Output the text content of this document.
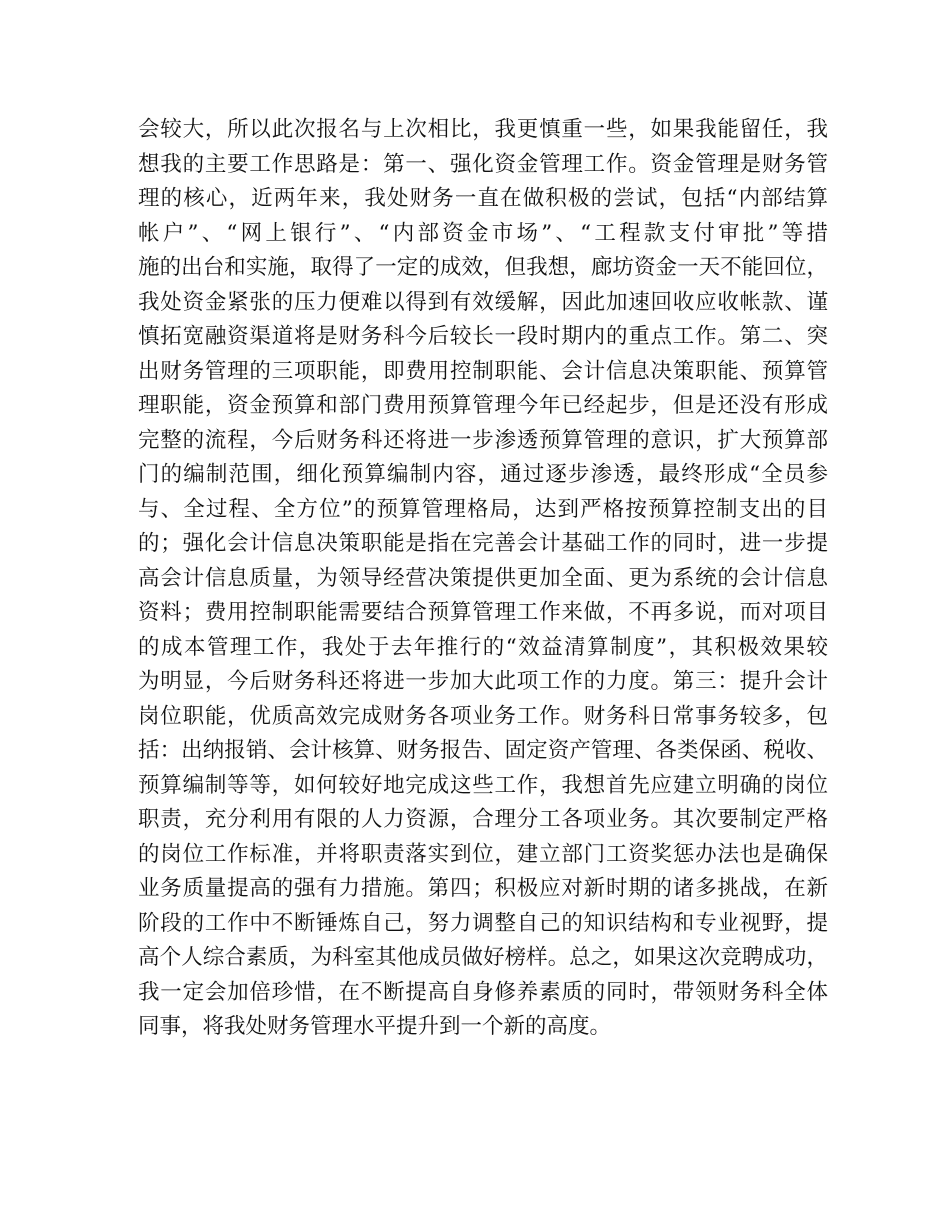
会较大，所以此次报名与上次相比，我更慎重一些，如果我能留任，我
想我的主要工作思路是：第一、强化资金管理工作。资金管理是财务管
理的核心，近两年来，我处财务一直在做积极的尝试，包括“内部结算
帐户”、“网上银行”、“内部资金市场”、“工程款支付审批”等措
施的出台和实施，取得了一定的成效，但我想，廊坊资金一天不能回位，
我处资金紧张的压力便难以得到有效缓解，因此加速回收应收帐款、谨
慎拓宽融资渠道将是财务科今后较长一段时期内的重点工作。第二、突
出财务管理的三项职能，即费用控制职能、会计信息决策职能、预算管
理职能，资金预算和部门费用预算管理今年已经起步，但是还没有形成
完整的流程，今后财务科还将进一步渗透预算管理的意识，扩大预算部
门的编制范围，细化预算编制内容，通过逐步渗透，最终形成“全员参
与、全过程、全方位”的预算管理格局，达到严格按预算控制支出的目
的；强化会计信息决策职能是指在完善会计基础工作的同时，进一步提
高会计信息质量，为领导经营决策提供更加全面、更为系统的会计信息
资料；费用控制职能需要结合预算管理工作来做，不再多说，而对项目
的成本管理工作，我处于去年推行的“效益清算制度”，其积极效果较
为明显，今后财务科还将进一步加大此项工作的力度。第三：提升会计
岗位职能，优质高效完成财务各项业务工作。财务科日常事务较多，包
括：出纳报销、会计核算、财务报告、固定资产管理、各类保函、税收、
预算编制等等，如何较好地完成这些工作，我想首先应建立明确的岗位
职责，充分利用有限的人力资源，合理分工各项业务。其次要制定严格
的岗位工作标准，并将职责落实到位，建立部门工资奖惩办法也是确保
业务质量提高的强有力措施。第四；积极应对新时期的诸多挑战，在新
阶段的工作中不断锤炼自己，努力调整自己的知识结构和专业视野，提
高个人综合素质，为科室其他成员做好榜样。总之，如果这次竞聘成功，
我一定会加倍珍惜，在不断提高自身修养素质的同时，带领财务科全体
同事，将我处财务管理水平提升到一个新的高度。
